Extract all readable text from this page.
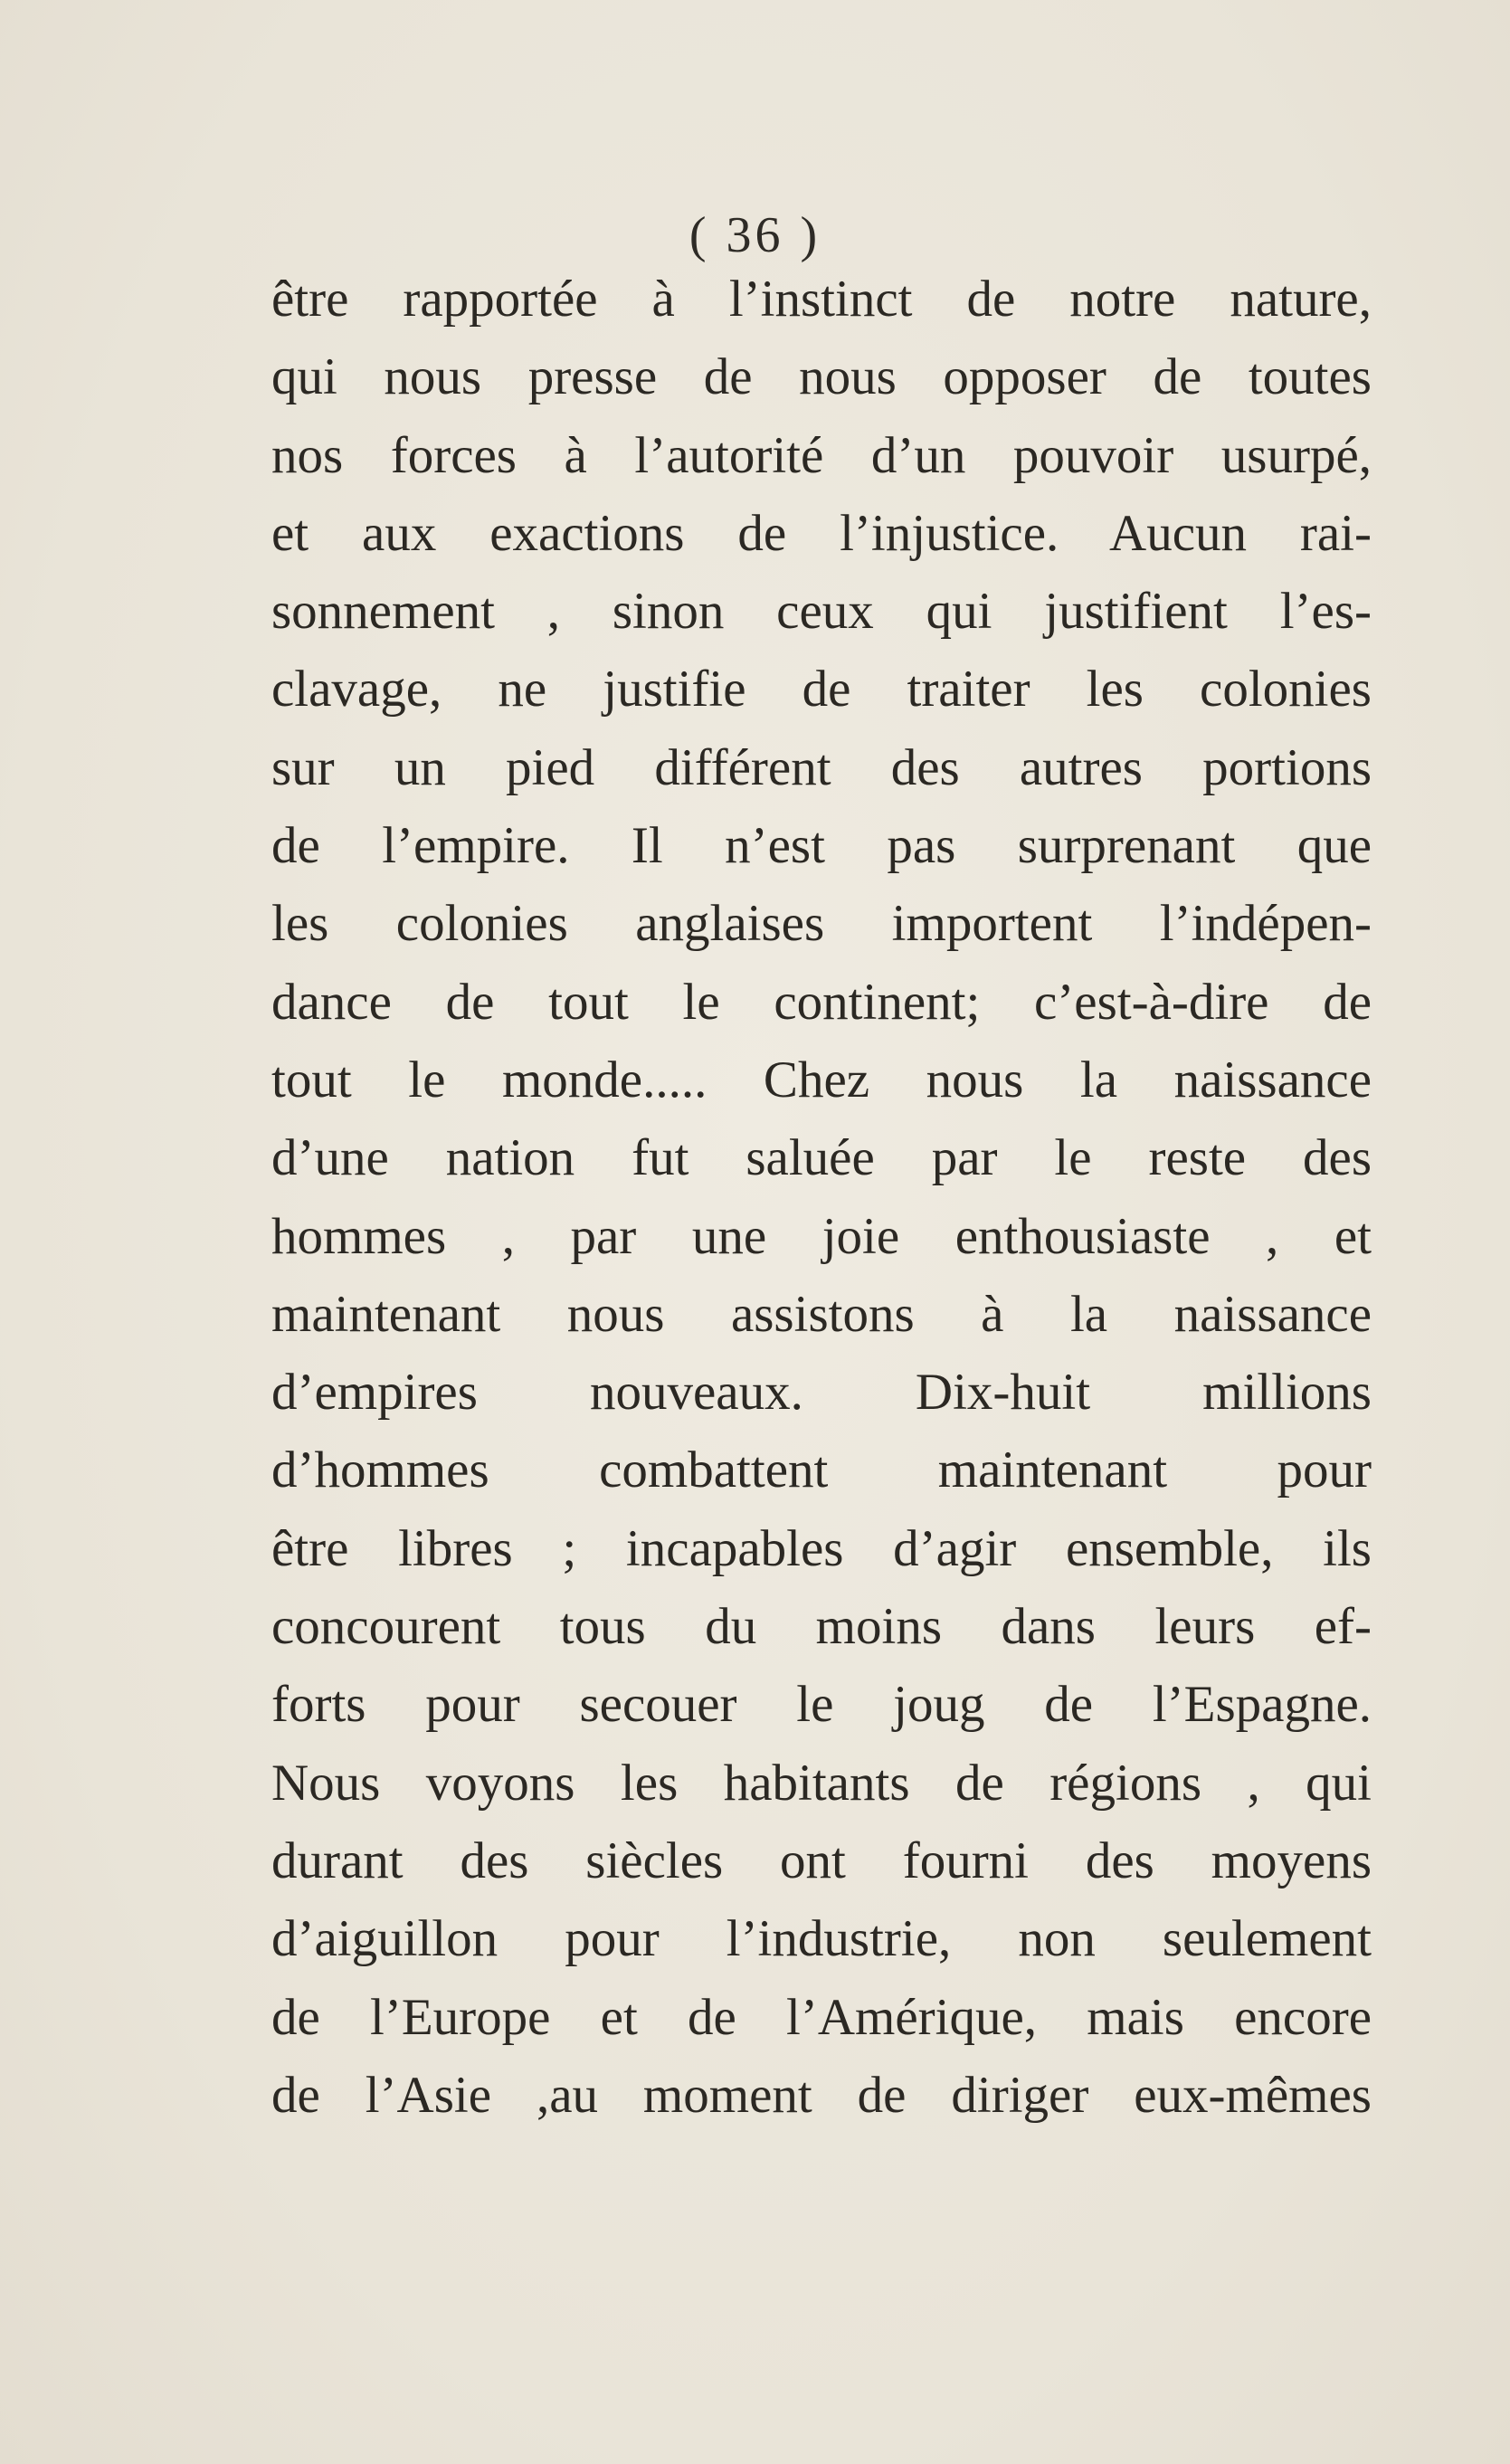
( 36 )
être rapportée à l’instinct de notre nature,
qui nous presse de nous opposer de toutes
nos forces à l’autorité d’un pouvoir usurpé,
et aux exactions de l’injustice. Aucun rai-
sonnement , sinon ceux qui justifient l’es-
clavage, ne justifie de traiter les colonies
sur un pied différent des autres portions
de l’empire. Il n’est pas surprenant que
les colonies anglaises importent l’indépen-
dance de tout le continent; c’est-à-dire de
tout le monde..... Chez nous la naissance
d’une nation fut saluée par le reste des
hommes , par une joie enthousiaste , et
maintenant nous assistons à la naissance
d’empires nouveaux. Dix-huit millions
d’hommes combattent maintenant pour
être libres ; incapables d’agir ensemble, ils
concourent tous du moins dans leurs ef-
forts pour secouer le joug de l’Espagne.
Nous voyons les habitants de régions , qui
durant des siècles ont fourni des moyens
d’aiguillon pour l’industrie, non seulement
de l’Europe et de l’Amérique, mais encore
de l’Asie ,au moment de diriger eux-mêmes
